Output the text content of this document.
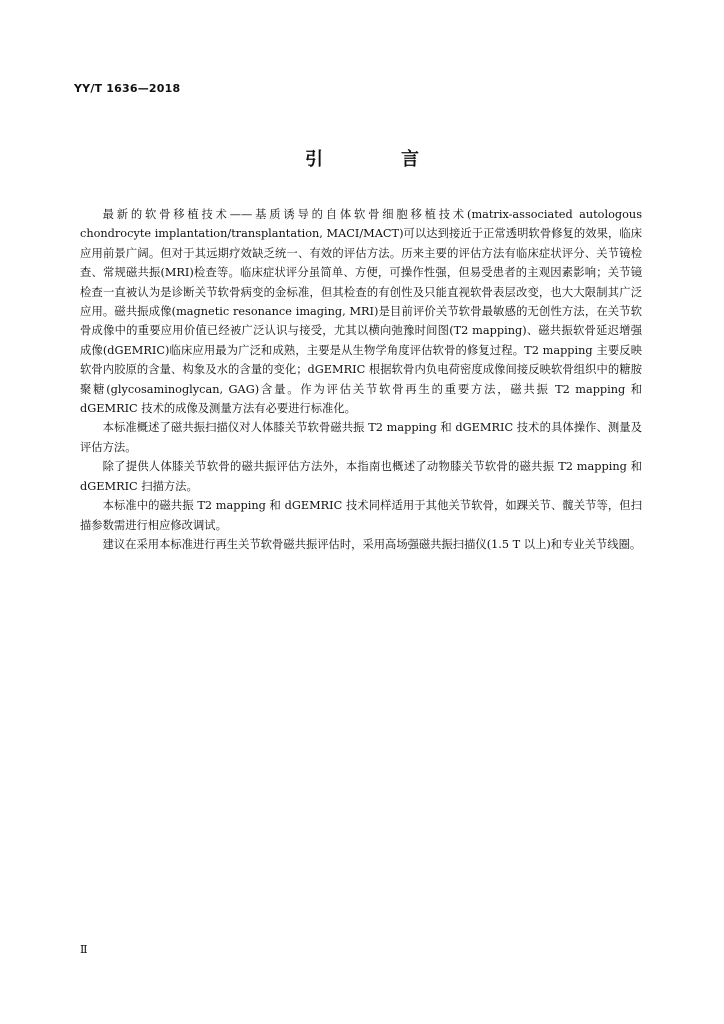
YY/T 1636—2018
引　言

最新的软骨移植技术——基质诱导的自体软骨细胞移植技术(matrix-associated autologous chondrocyte implantation/transplantation, MACI/MACT)可以达到接近于正常透明软骨修复的效果，临床应用前景广阔。但对于其远期疗效缺乏统一、有效的评估方法。历来主要的评估方法有临床症状评分、关节镜检查、常规磁共振(MRI)检查等。临床症状评分虽简单、方便，可操作性强，但易受患者的主观因素影响；关节镜检查一直被认为是诊断关节软骨病变的金标准，但其检查的有创性及只能直视软骨表层改变，也大大限制其广泛应用。磁共振成像(magnetic resonance imaging, MRI)是目前评价关节软骨最敏感的无创性方法，在关节软骨成像中的重要应用价值已经被广泛认识与接受，尤其以横向弛豫时间图(T2 mapping)、磁共振软骨延迟增强成像(dGEMRIC)临床应用最为广泛和成熟，主要是从生物学角度评估软骨的修复过程。T2 mapping 主要反映软骨内胶原的含量、构象及水的含量的变化；dGEMRIC 根据软骨内负电荷密度成像间接反映软骨组织中的糖胺聚糖(glycosaminoglycan, GAG)含量。作为评估关节软骨再生的重要方法，磁共振 T2 mapping 和 dGEMRIC 技术的成像及测量方法有必要进行标准化。

本标准概述了磁共振扫描仪对人体膝关节软骨磁共振 T2 mapping 和 dGEMRIC 技术的具体操作、测量及评估方法。

除了提供人体膝关节软骨的磁共振评估方法外，本指南也概述了动物膝关节软骨的磁共振 T2 mapping 和 dGEMRIC 扫描方法。

本标准中的磁共振 T2 mapping 和 dGEMRIC 技术同样适用于其他关节软骨，如踝关节、髋关节等，但扫描参数需进行相应修改调试。

建议在采用本标准进行再生关节软骨磁共振评估时，采用高场强磁共振扫描仪(1.5 T 以上)和专业关节线圈。

Ⅱ
